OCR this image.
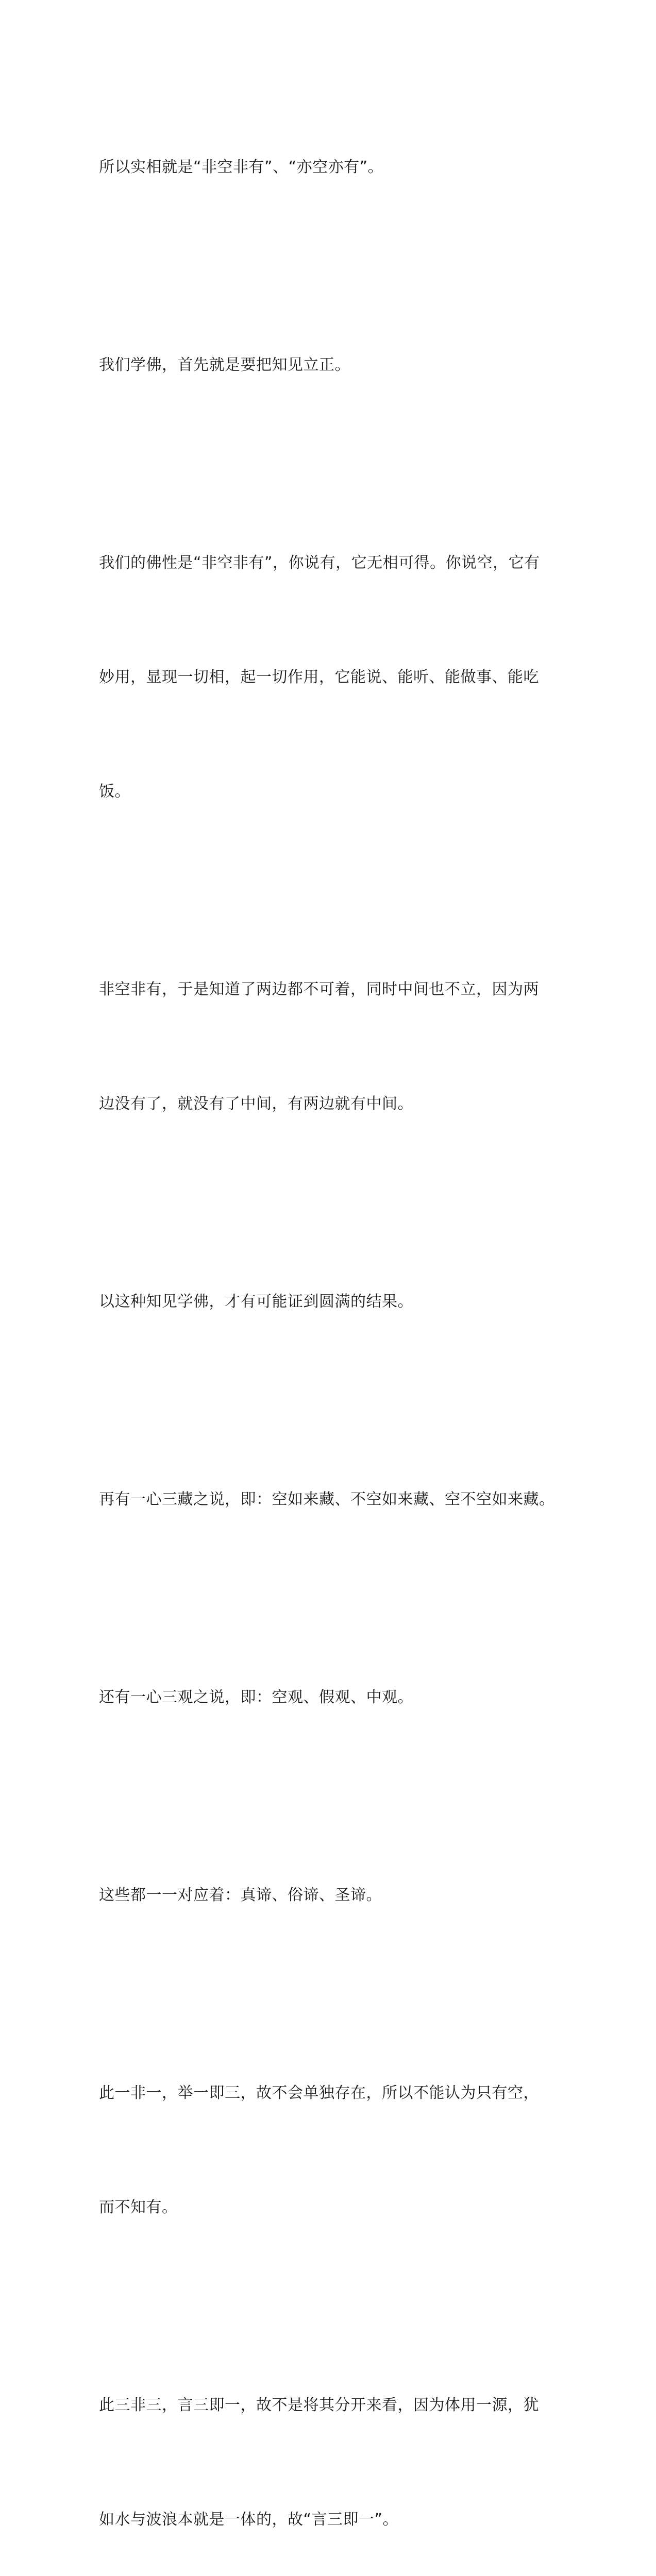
所以实相就是“非空非有”、“亦空亦有”。

我们学佛，首先就是要把知见立正。

我们的佛性是“非空非有”，你说有，它无相可得。你说空，它有

妙用，显现一切相，起一切作用，它能说、能听、能做事、能吃

饭。

非空非有，于是知道了两边都不可着，同时中间也不立，因为两

边没有了，就没有了中间，有两边就有中间。

以这种知见学佛，才有可能证到圆满的结果。

再有一心三藏之说，即：空如来藏、不空如来藏、空不空如来藏。

还有一心三观之说，即：空观、假观、中观。

这些都一一对应着：真谛、俗谛、圣谛。

此一非一，举一即三，故不会单独存在，所以不能认为只有空，

而不知有。

此三非三，言三即一，故不是将其分开来看，因为体用一源，犹

如水与波浪本就是一体的，故“言三即一”。
